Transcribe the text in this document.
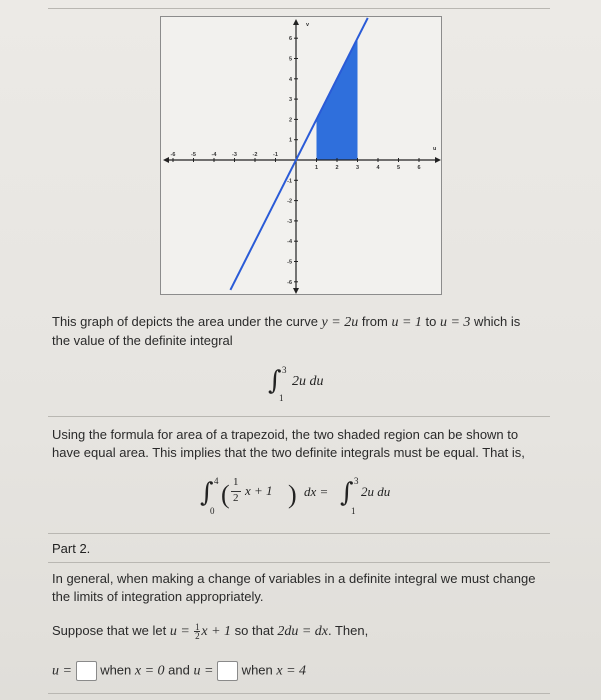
-6	-5	-4	-3	-2	-1
1	2	3	4	5	6
6
5
4
3
2
1
-1
-2
-3
-4
-5
-6
u
v
This graph of depicts the area under the curve y = 2u from u = 1 to u = 3 which is
the value of the definite integral
∫ 3
1
2u du
Using the formula for area of a trapezoid, the two shaded region can be shown to
have equal area. This implies that the two definite integrals must be equal. That is,
∫ 4
0
( 1
2 x + 1 ) dx = ∫ 3
1
2u du
Part 2.
In general, when making a change of variables in a definite integral we must change
the limits of integration appropriately.
Suppose that we let $u = \frac{1}{2}x + 1$ so that 2du = dx. Then,
u =  when x = 0 and u =  when x = 4
